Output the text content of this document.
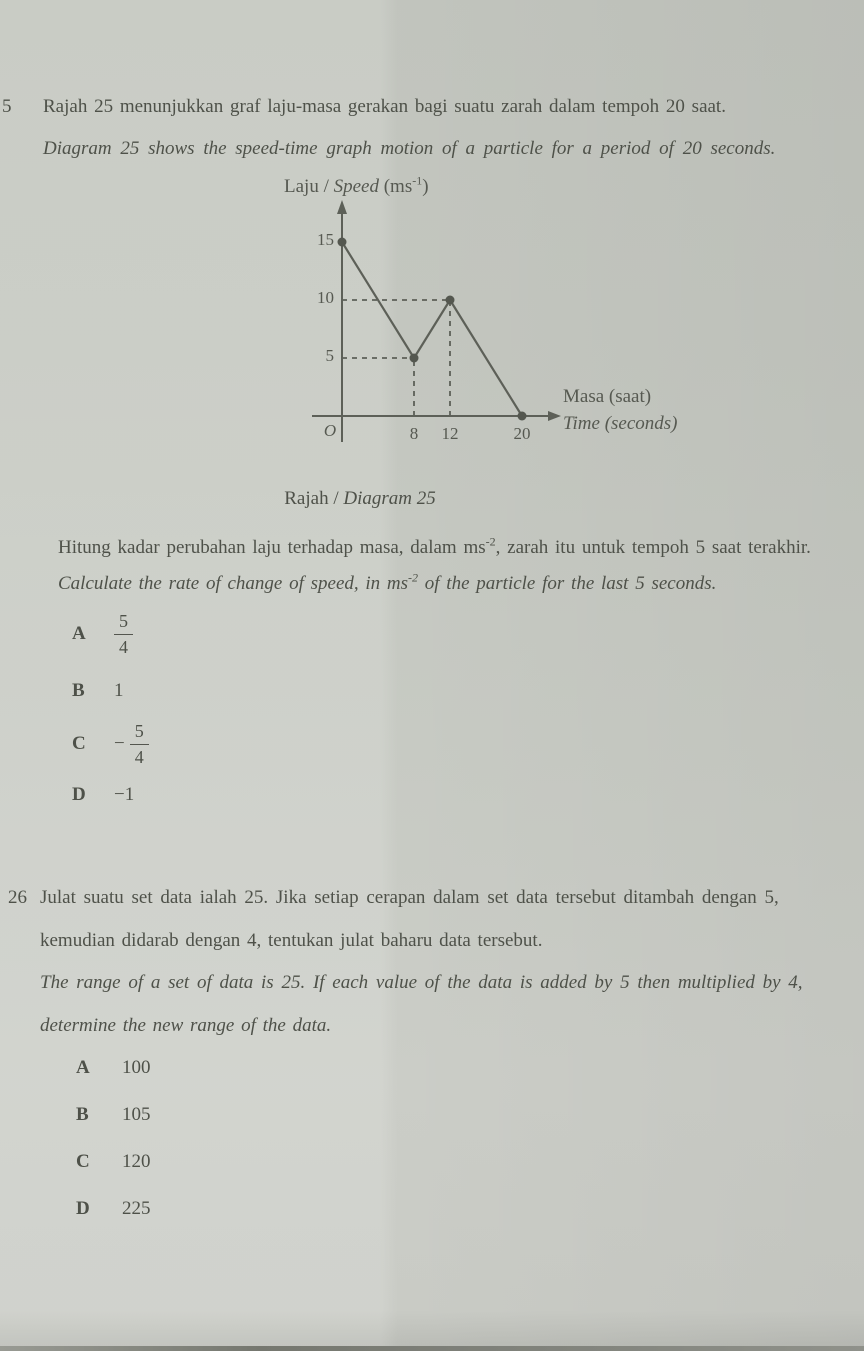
5 Rajah 25 menunjukkan graf laju-masa gerakan bagi suatu zarah dalam tempoh 20 saat.
Diagram 25 shows the speed-time graph motion of a particle for a period of 20 seconds.
Laju / Speed $(ms^{-1})$
Masa (saat)
Time (seconds)
5
10
15
8	12	20
O
Rajah / Diagram 25
Hitung kadar perubahan laju terhadap masa, dalam $ms^{-2}$, zarah itu untuk tempoh 5 saat terakhir.
Calculate the rate of change of speed, in $ms^{-2}$ of the particle for the last 5 seconds.
A	$\frac{5}{4}$
B	1
C	− $\frac{5}{4}$
D	−1
26 Julat suatu set data ialah 25. Jika setiap cerapan dalam set data tersebut ditambah dengan 5,
kemudian didarab dengan 4, tentukan julat baharu data tersebut.
The range of a set of data is 25. If each value of the data is added by 5 then multiplied by 4,
determine the new range of the data.
A	100
B	105
C	120
D	225
